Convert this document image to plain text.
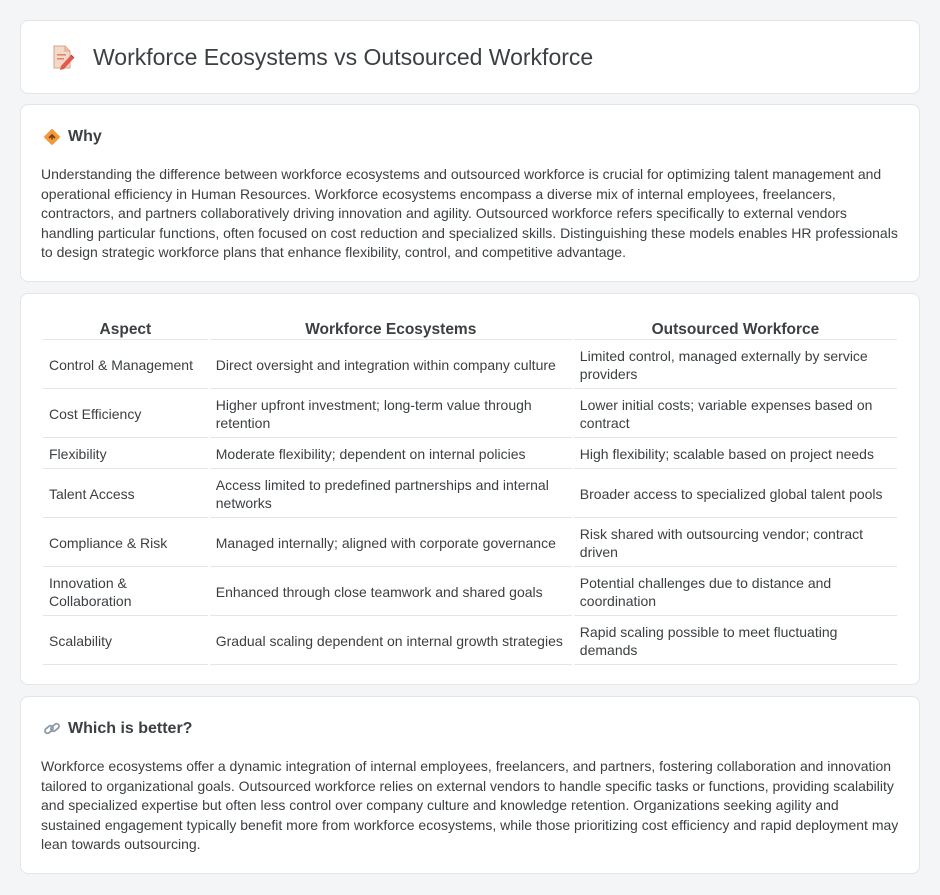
Workforce Ecosystems vs Outsourced Workforce
Why

Understanding the difference between workforce ecosystems and outsourced workforce is crucial for optimizing talent management and operational efficiency in Human Resources. Workforce ecosystems encompass a diverse mix of internal employees, freelancers, contractors, and partners collaboratively driving innovation and agility. Outsourced workforce refers specifically to external vendors handling particular functions, often focused on cost reduction and specialized skills. Distinguishing these models enables HR professionals to design strategic workforce plans that enhance flexibility, control, and competitive advantage.

Aspect	Workforce Ecosystems	Outsourced Workforce
Control & Management	Direct oversight and integration within company culture	Limited control, managed externally by service providers
Cost Efficiency	Higher upfront investment; long-term value through retention	Lower initial costs; variable expenses based on contract
Flexibility	Moderate flexibility; dependent on internal policies	High flexibility; scalable based on project needs
Talent Access	Access limited to predefined partnerships and internal networks	Broader access to specialized global talent pools
Compliance & Risk	Managed internally; aligned with corporate governance	Risk shared with outsourcing vendor; contract driven
Innovation & Collaboration	Enhanced through close teamwork and shared goals	Potential challenges due to distance and coordination
Scalability	Gradual scaling dependent on internal growth strategies	Rapid scaling possible to meet fluctuating demands
Which is better?

Workforce ecosystems offer a dynamic integration of internal employees, freelancers, and partners, fostering collaboration and innovation tailored to organizational goals. Outsourced workforce relies on external vendors to handle specific tasks or functions, providing scalability and specialized expertise but often less control over company culture and knowledge retention. Organizations seeking agility and sustained engagement typically benefit more from workforce ecosystems, while those prioritizing cost efficiency and rapid deployment may lean towards outsourcing.
